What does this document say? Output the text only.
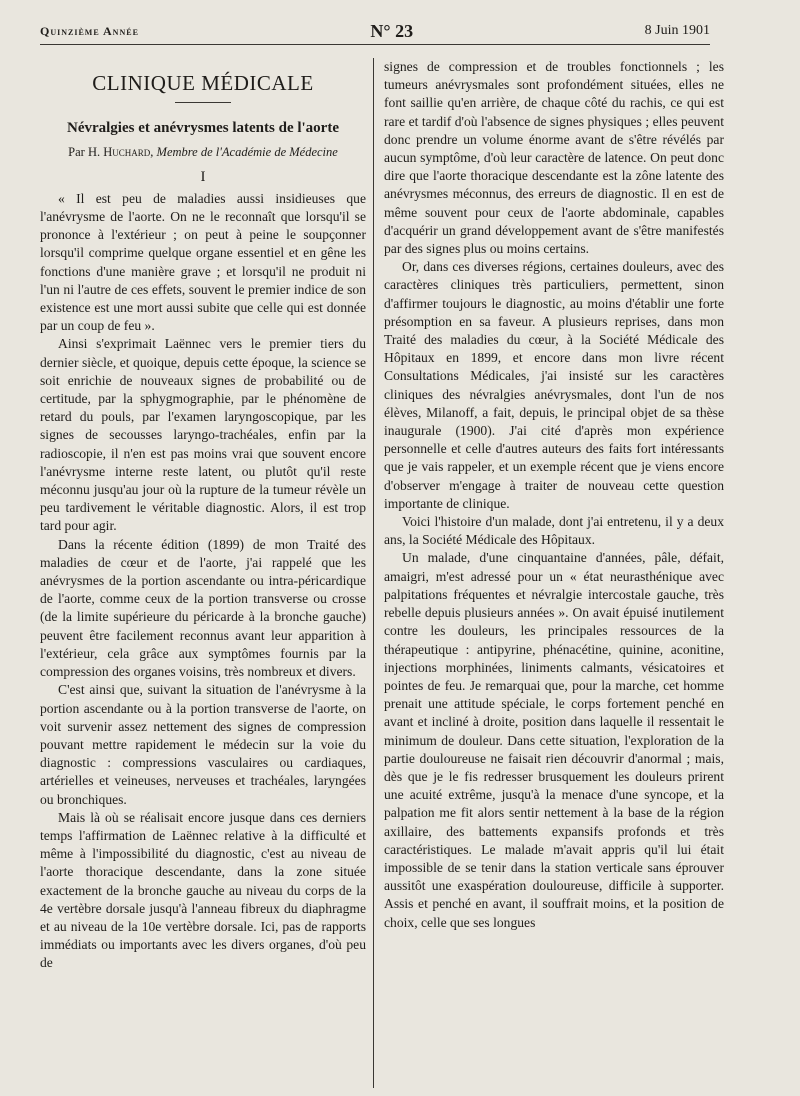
Quinzième Année	N° 23	8 Juin 1901
CLINIQUE MÉDICALE
Névralgies et anévrysmes latents de l'aorte
Par H. Huchard, Membre de l'Académie de Médecine
I

« Il est peu de maladies aussi insidieuses que l'anévrysme de l'aorte. On ne le reconnaît que lorsqu'il se prononce à l'extérieur ; on peut à peine le soupçonner lorsqu'il comprime quelque organe essentiel et en gêne les fonctions d'une manière grave ; et lorsqu'il ne produit ni l'un ni l'autre de ces effets, souvent le premier indice de son existence est une mort aussi subite que celle qui est donnée par un coup de feu ».

Ainsi s'exprimait Laënnec vers le premier tiers du dernier siècle, et quoique, depuis cette époque, la science se soit enrichie de nouveaux signes de probabilité ou de certitude, par la sphygmographie, par le phénomène de retard du pouls, par l'examen laryngoscopique, par les signes de secousses laryngo-trachéales, enfin par la radioscopie, il n'en est pas moins vrai que souvent encore l'anévrysme interne reste latent, ou plutôt qu'il reste méconnu jusqu'au jour où la rupture de la tumeur révèle un peu tardivement le véritable diagnostic. Alors, il est trop tard pour agir.

Dans la récente édition (1899) de mon Traité des maladies de cœur et de l'aorte, j'ai rappelé que les anévrysmes de la portion ascendante ou intra-péricardique de l'aorte, comme ceux de la portion transverse ou crosse (de la limite supérieure du péricarde à la bronche gauche) peuvent être facilement reconnus avant leur apparition à l'extérieur, cela grâce aux symptômes fournis par la compression des organes voisins, très nombreux et divers.

C'est ainsi que, suivant la situation de l'anévrysme à la portion ascendante ou à la portion transverse de l'aorte, on voit survenir assez nettement des signes de compression pouvant mettre rapidement le médecin sur la voie du diagnostic : compressions vasculaires ou cardiaques, artérielles et veineuses, nerveuses et trachéales, laryngées ou bronchiques.

Mais là où se réalisait encore jusque dans ces derniers temps l'affirmation de Laënnec relative à la difficulté et même à l'impossibilité du diagnostic, c'est au niveau de l'aorte thoracique descendante, dans la zone située exactement de la bronche gauche au niveau du corps de la 4e vertèbre dorsale jusqu'à l'anneau fibreux du diaphragme et au niveau de la 10e vertèbre dorsale. Ici, pas de rapports immédiats ou importants avec les divers organes, d'où peu de

signes de compression et de troubles fonctionnels ; les tumeurs anévrysmales sont profondément situées, elles ne font saillie qu'en arrière, de chaque côté du rachis, ce qui est rare et tardif d'où l'absence de signes physiques ; elles peuvent donc prendre un volume énorme avant de s'être révélés par aucun symptôme, d'où leur caractère de latence. On peut donc dire que l'aorte thoracique descendante est la zône latente des anévrysmes méconnus, des erreurs de diagnostic. Il en est de même souvent pour ceux de l'aorte abdominale, capables d'acquérir un grand développement avant de s'être manifestés par des signes plus ou moins certains.

Or, dans ces diverses régions, certaines douleurs, avec des caractères cliniques très particuliers, permettent, sinon d'affirmer toujours le diagnostic, au moins d'établir une forte présomption en sa faveur. A plusieurs reprises, dans mon Traité des maladies du cœur, à la Société Médicale des Hôpitaux en 1899, et encore dans mon livre récent Consultations Médicales, j'ai insisté sur les caractères cliniques des névralgies anévrysmales, dont l'un de nos élèves, Milanoff, a fait, depuis, le principal objet de sa thèse inaugurale (1900). J'ai cité d'après mon expérience personnelle et celle d'autres auteurs des faits fort intéressants que je vais rappeler, et un exemple récent que je viens encore d'observer m'engage à traiter de nouveau cette question importante de clinique.

Voici l'histoire d'un malade, dont j'ai entretenu, il y a deux ans, la Société Médicale des Hôpitaux.

Un malade, d'une cinquantaine d'années, pâle, défait, amaigri, m'est adressé pour un « état neurasthénique avec palpitations fréquentes et névralgie intercostale gauche, très rebelle depuis plusieurs années ». On avait épuisé inutilement contre les douleurs, les principales ressources de la thérapeutique : antipyrine, phénacétine, quinine, aconitine, injections morphinées, liniments calmants, vésicatoires et pointes de feu. Je remarquai que, pour la marche, cet homme prenait une attitude spéciale, le corps fortement penché en avant et incliné à droite, position dans laquelle il ressentait le minimum de douleur. Dans cette situation, l'exploration de la partie douloureuse ne faisait rien découvrir d'anormal ; mais, dès que je le fis redresser brusquement les douleurs prirent une acuité extrême, jusqu'à la menace d'une syncope, et la palpation me fit alors sentir nettement à la base de la région axillaire, des battements expansifs profonds et très caractéristiques. Le malade m'avait appris qu'il lui était impossible de se tenir dans la station verticale sans éprouver aussitôt une exaspération douloureuse, difficile à supporter. Assis et penché en avant, il souffrait moins, et la position de choix, celle que ses longues
